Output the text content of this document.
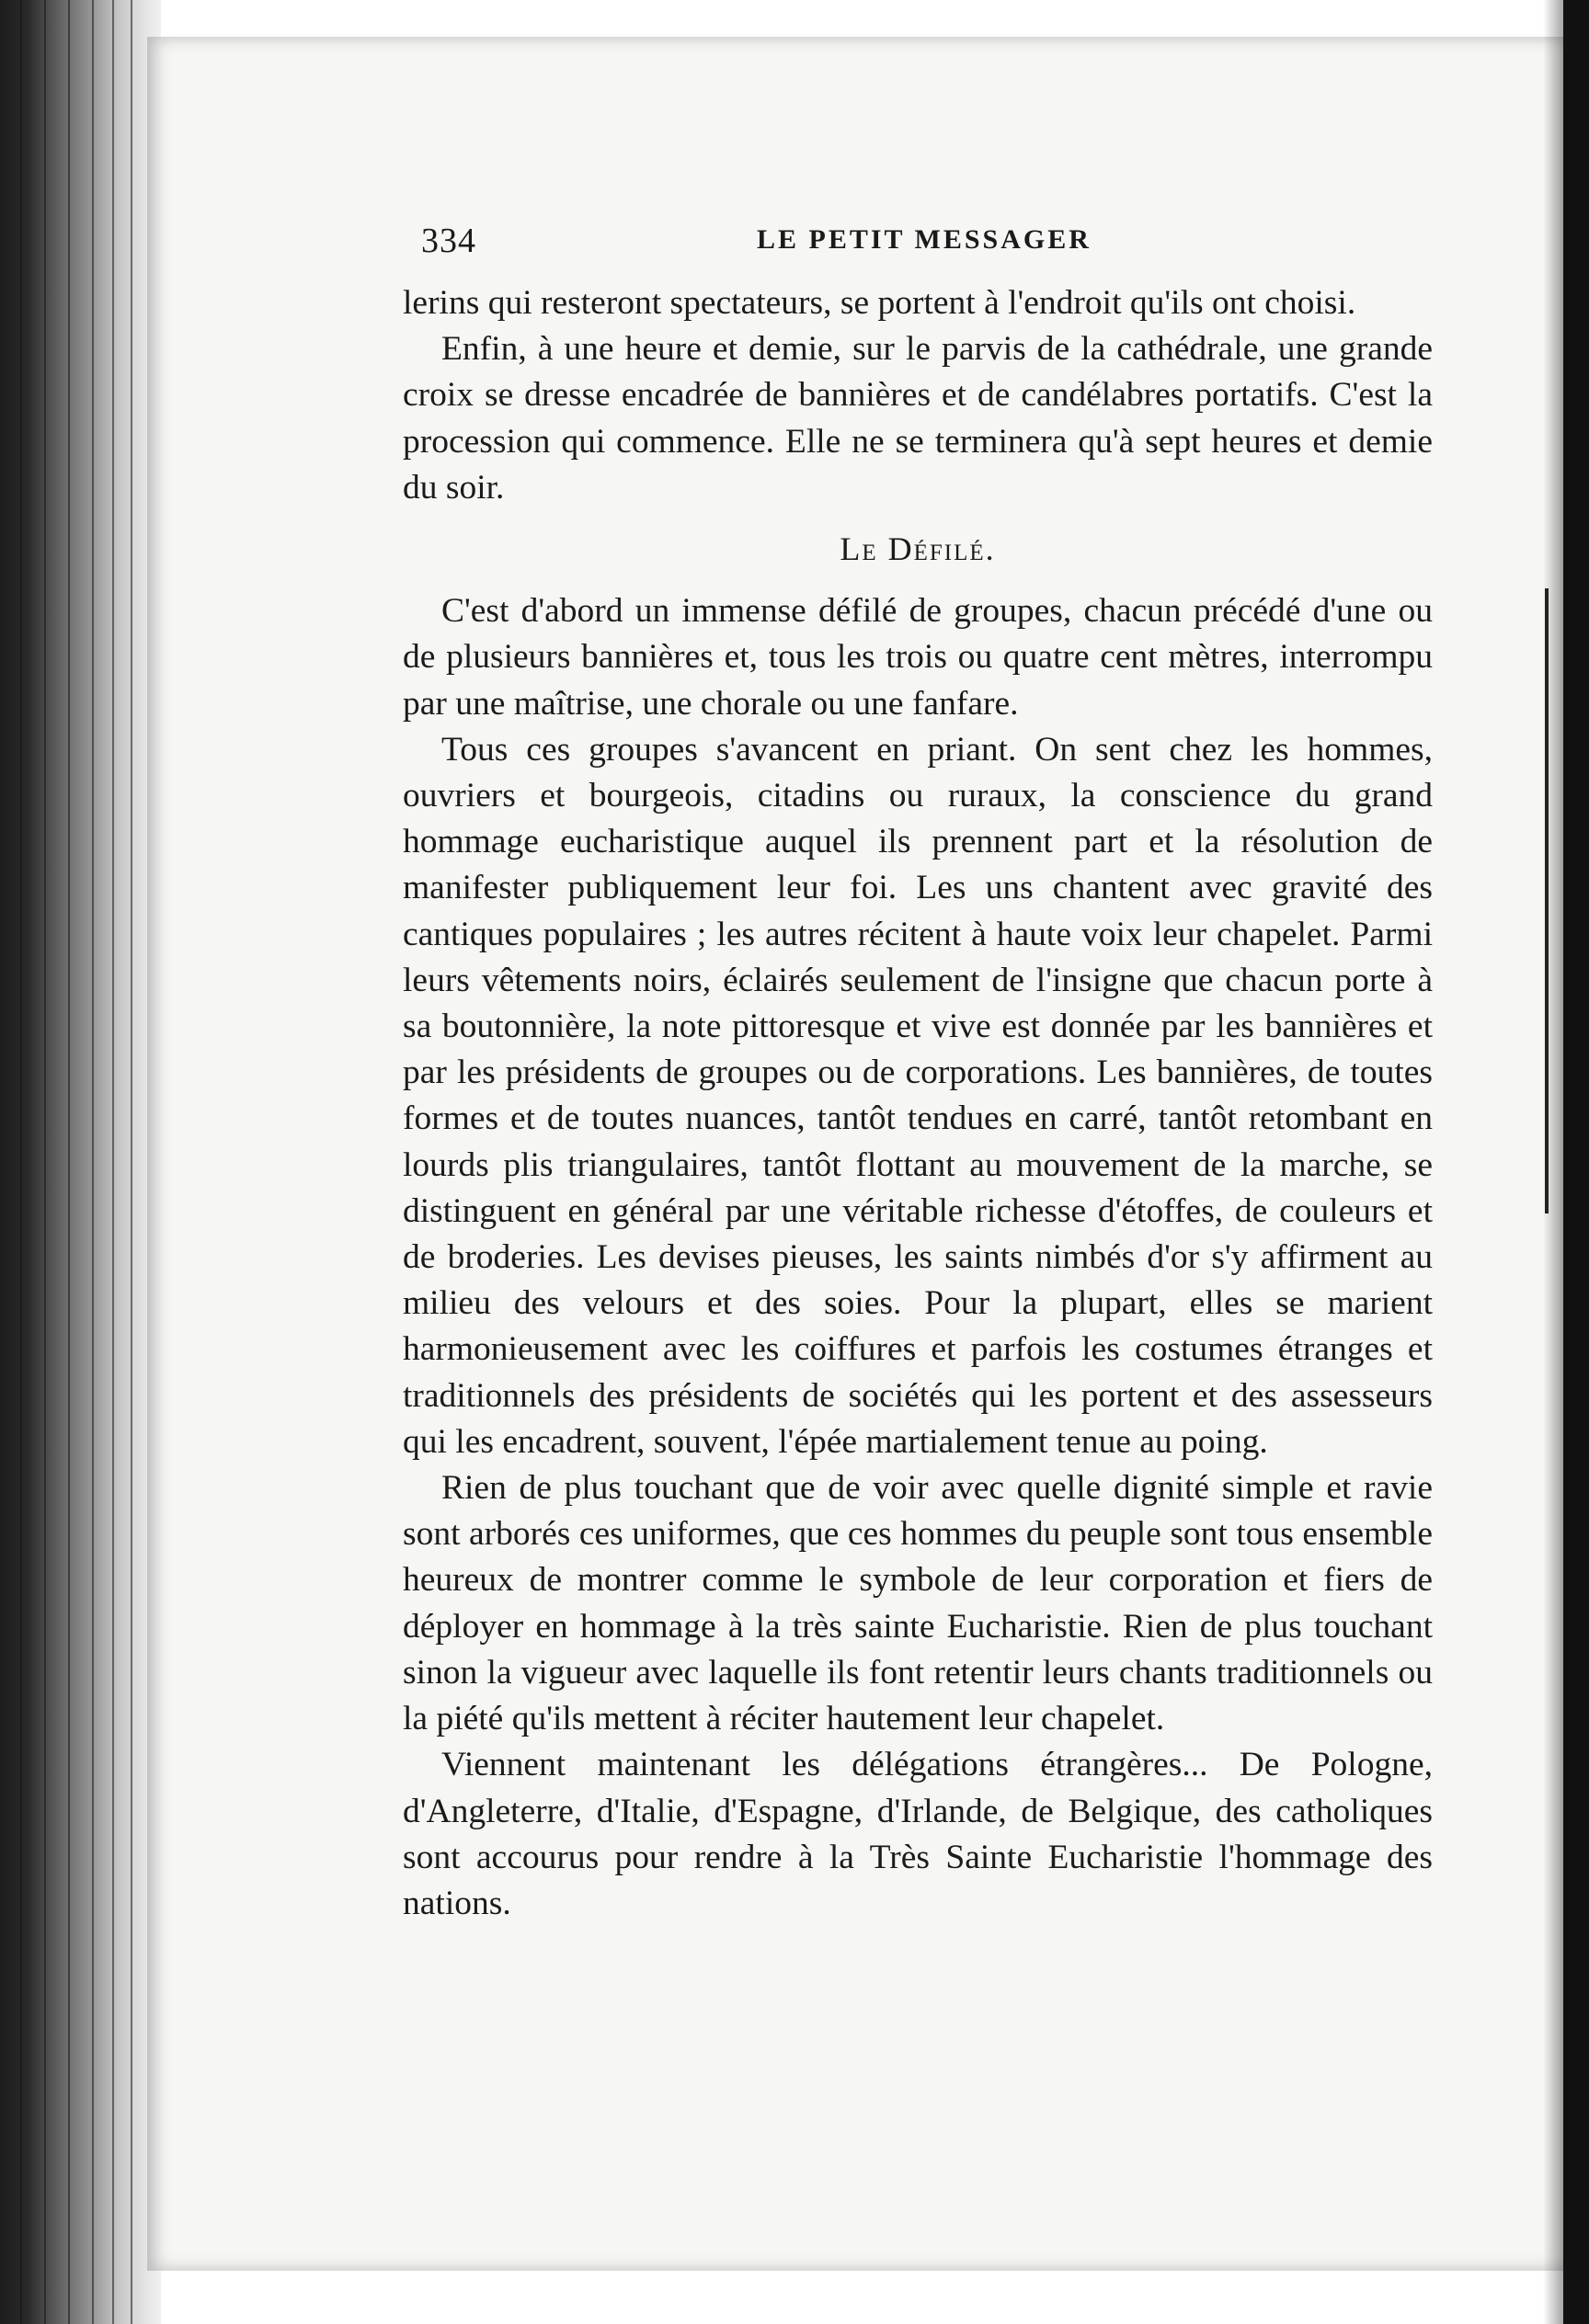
334	LE PETIT MESSAGER

lerins qui resteront spectateurs, se portent à l'endroit qu'ils ont choisi.

Enfin, à une heure et demie, sur le parvis de la cathédrale, une grande croix se dresse encadrée de bannières et de candélabres portatifs. C'est la procession qui commence. Elle ne se terminera qu'à sept heures et demie du soir.

Le Défilé.

C'est d'abord un immense défilé de groupes, chacun précédé d'une ou de plusieurs bannières et, tous les trois ou quatre cent mètres, interrompu par une maîtrise, une chorale ou une fanfare.

Tous ces groupes s'avancent en priant. On sent chez les hommes, ouvriers et bourgeois, citadins ou ruraux, la conscience du grand hommage eucharistique auquel ils prennent part et la résolution de manifester publiquement leur foi. Les uns chantent avec gravité des cantiques populaires ; les autres récitent à haute voix leur chapelet. Parmi leurs vêtements noirs, éclairés seulement de l'insigne que chacun porte à sa boutonnière, la note pittoresque et vive est donnée par les bannières et par les présidents de groupes ou de corporations. Les bannières, de toutes formes et de toutes nuances, tantôt tendues en carré, tantôt retombant en lourds plis triangulaires, tantôt flottant au mouvement de la marche, se distinguent en général par une véritable richesse d'étoffes, de couleurs et de broderies. Les devises pieuses, les saints nimbés d'or s'y affirment au milieu des velours et des soies. Pour la plupart, elles se marient harmonieusement avec les coiffures et parfois les costumes étranges et traditionnels des présidents de sociétés qui les portent et des assesseurs qui les encadrent, souvent, l'épée martialement tenue au poing.

Rien de plus touchant que de voir avec quelle dignité simple et ravie sont arborés ces uniformes, que ces hommes du peuple sont tous ensemble heureux de montrer comme le symbole de leur corporation et fiers de déployer en hommage à la très sainte Eucharistie. Rien de plus touchant sinon la vigueur avec laquelle ils font retentir leurs chants traditionnels ou la piété qu'ils mettent à réciter hautement leur chapelet.

Viennent maintenant les délégations étrangères... De Pologne, d'Angleterre, d'Italie, d'Espagne, d'Irlande, de Belgique, des catholiques sont accourus pour rendre à la Très Sainte Eucharistie l'hommage des nations.
